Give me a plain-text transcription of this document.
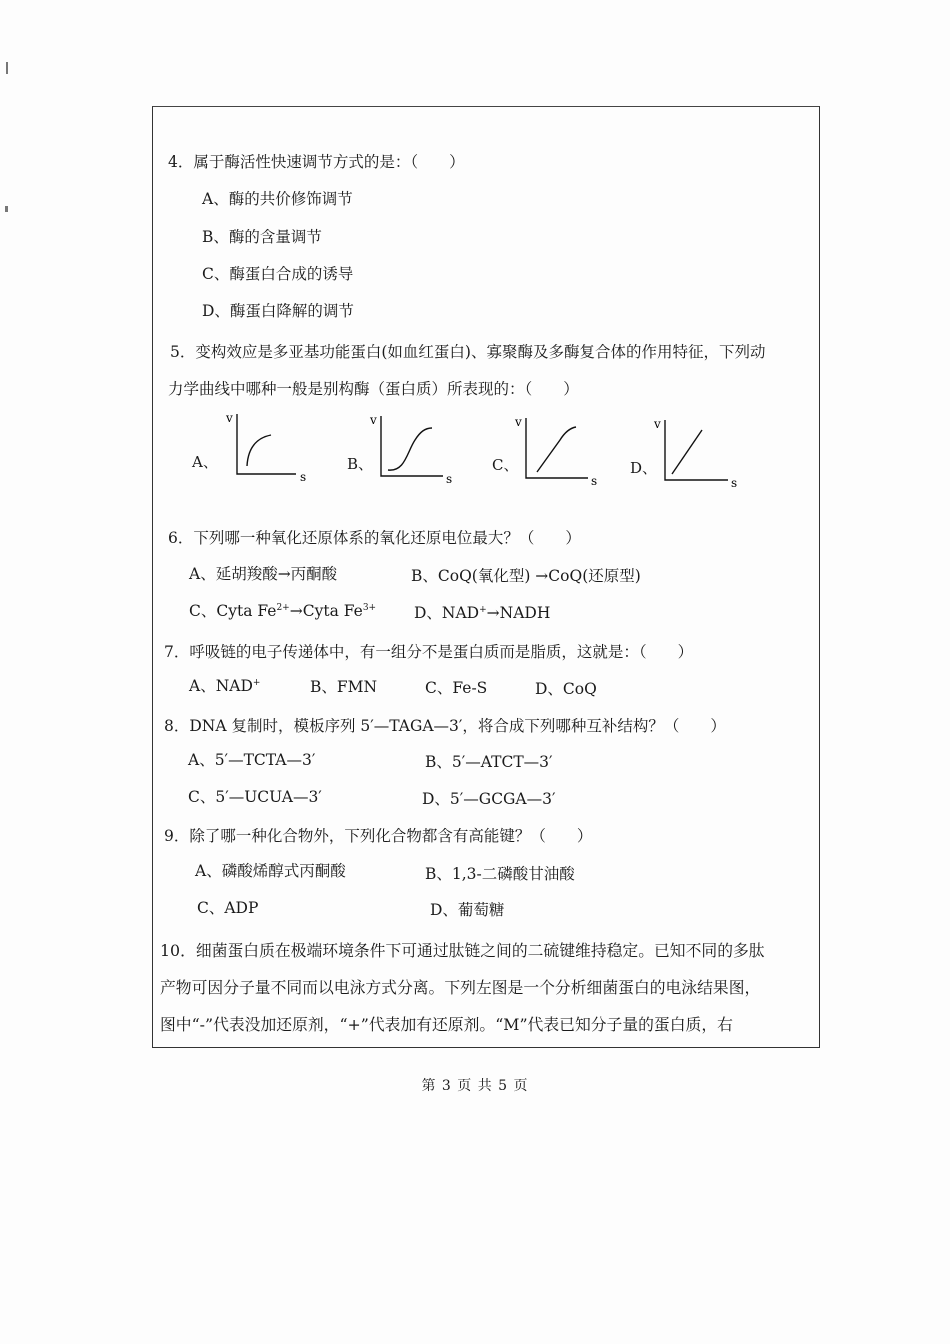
4．属于酶活性快速调节方式的是：（　　）
A、酶的共价修饰调节
B、酶的含量调节
C、酶蛋白合成的诱导
D、酶蛋白降解的调节
5．变构效应是多亚基功能蛋白(如血红蛋白)、寡聚酶及多酶复合体的作用特征，下列动
力学曲线中哪种一般是别构酶（蛋白质）所表现的：（　　）
A、	B、	C、	D、
v
s
v
s
v
s
v
s
6．下列哪一种氧化还原体系的氧化还原电位最大？（　　）
A、延胡羧酸→丙酮酸	B、CoQ(氧化型) →CoQ(还原型)
C、Cyta $Fe^{2+}\to Cyta$ $Fe^{3+}$ D、NAD+→NADH
7．呼吸链的电子传递体中，有一组分不是蛋白质而是脂质，这就是：（　　）
A、NAD+	B、FMN	C、Fe-S	D、CoQ
8．DNA 复制时，模板序列 5′—TAGA—3′，将合成下列哪种互补结构？（　　）
A、5′—TCTA—3′	B、5′—ATCT—3′
C、5′—UCUA—3′	D、5′—GCGA—3′
9．除了哪一种化合物外，下列化合物都含有高能键？（　　）
A、磷酸烯醇式丙酮酸	B、1,3-二磷酸甘油酸
C、ADP	D、葡萄糖
10．细菌蛋白质在极端环境条件下可通过肽链之间的二硫键维持稳定。已知不同的多肽
产物可因分子量不同而以电泳方式分离。下列左图是一个分析细菌蛋白的电泳结果图，
图中“-”代表没加还原剂，“+”代表加有还原剂。“M”代表已知分子量的蛋白质，右
第 3 页 共 5 页
